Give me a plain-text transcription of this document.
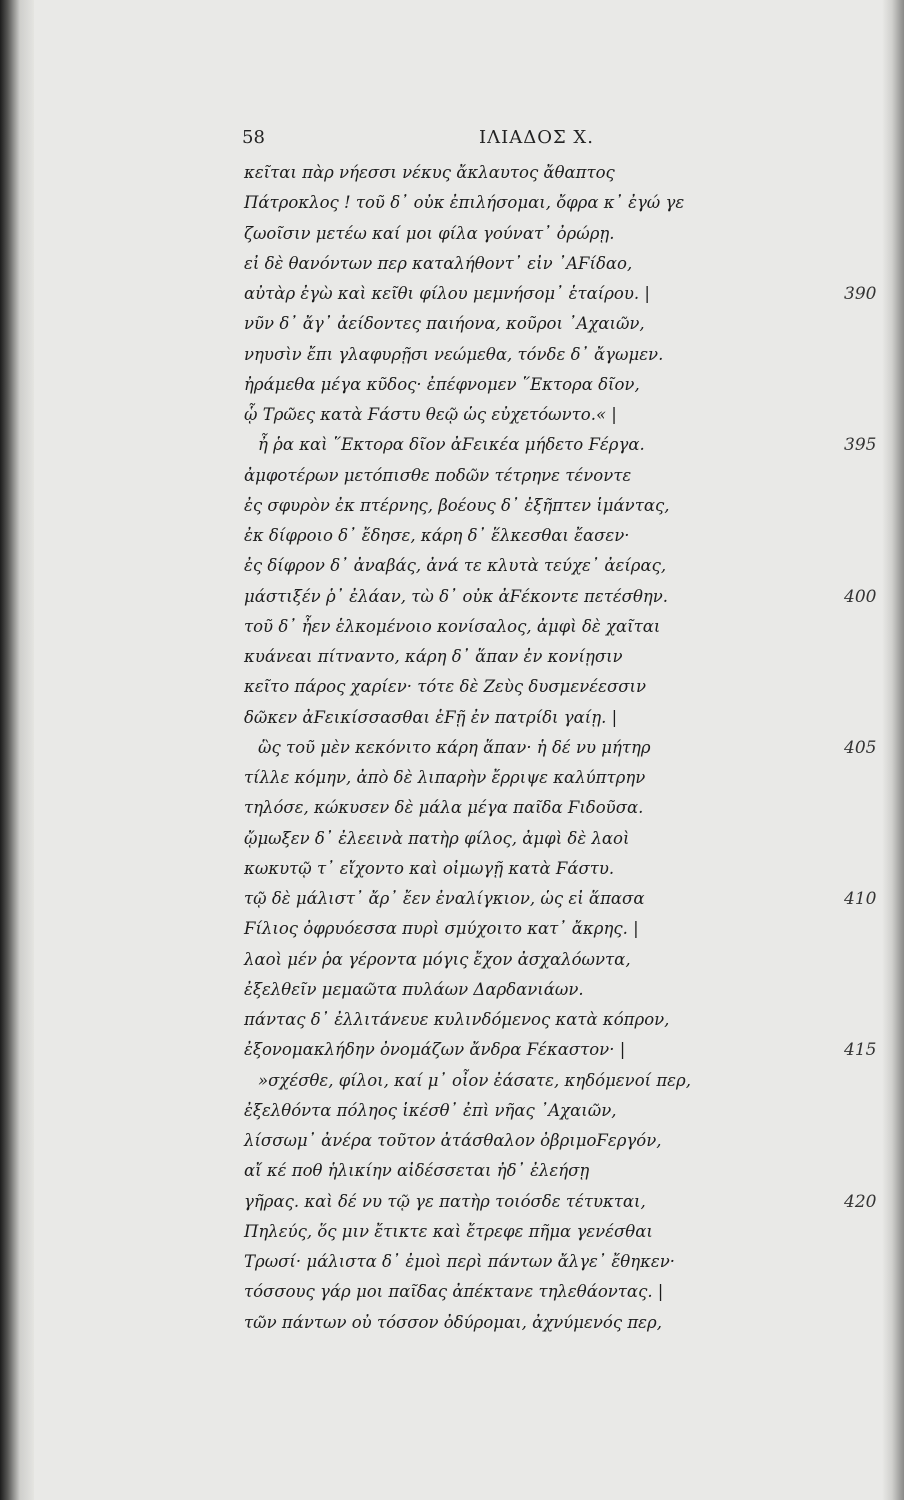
58	ΙΛΙΑΔΟΣ Χ.
κεῖται πὰρ νήεσσι νέκυς ἄκλαυτος ἄθαπτος
Πάτροκλος ! τοῦ δ᾽ οὐκ ἐπιλήσομαι, ὄφρα κ᾽ ἐγώ γε
ζωοῖσιν μετέω καί μοι φίλα γούνατ᾽ ὀρώρῃ.
εἰ δὲ θανόντων περ καταλήθοντ᾽ εἰν ᾽ΑϜίδαο,
αὐτὰρ ἐγὼ καὶ κεῖθι φίλου μεμνήσομ᾽ ἑταίρου. |	390
νῦν δ᾽ ἄγ᾽ ἀείδοντες παιήονα, κοῦροι ᾽Αχαιῶν,
νηυσὶν ἔπι γλαφυρῇσι νεώμεθα, τόνδε δ᾽ ἄγωμεν.
ἠράμεθα μέγα κῦδος· ἐπέφνομεν ῞Εκτορα δῖον,
ᾧ Τρῶες κατὰ Ϝάστυ θεῷ ὡς εὐχετόωντο.« |
ἦ ῥα καὶ ῞Εκτορα δῖον ἀϜεικέα μήδετο Ϝέργα.	395
ἀμφοτέρων μετόπισθε ποδῶν τέτρηνε τένοντε
ἐς σφυρὸν ἐκ πτέρνης, βοέους δ᾽ ἐξῆπτεν ἱμάντας,
ἐκ δίφροιο δ᾽ ἔδησε, κάρη δ᾽ ἕλκεσθαι ἔασεν·
ἐς δίφρον δ᾽ ἀναβάς, ἀνά τε κλυτὰ τεύχε᾽ ἀείρας,
μάστιξέν ῥ᾽ ἐλάαν, τὼ δ᾽ οὐκ ἀϜέκοντε πετέσθην.	400
τοῦ δ᾽ ἦεν ἑλκομένοιο κονίσαλος, ἀμφὶ δὲ χαῖται
κυάνεαι πίτναντο, κάρη δ᾽ ἅπαν ἐν κονίῃσιν
κεῖτο πάρος χαρίεν· τότε δὲ Ζεὺς δυσμενέεσσιν
δῶκεν ἀϜεικίσσασθαι ἑϜῇ ἐν πατρίδι γαίῃ. |
ὣς τοῦ μὲν κεκόνιτο κάρη ἅπαν· ἡ δέ νυ μήτηρ	405
τίλλε κόμην, ἀπὸ δὲ λιπαρὴν ἔρριψε καλύπτρην
τηλόσε, κώκυσεν δὲ μάλα μέγα παῖδα Ϝιδοῦσα.
ᾤμωξεν δ᾽ ἐλεεινὰ πατὴρ φίλος, ἀμφὶ δὲ λαοὶ
κωκυτῷ τ᾽ εἴχοντο καὶ οἰμωγῇ κατὰ Ϝάστυ.
τῷ δὲ μάλιστ᾽ ἄρ᾽ ἔεν ἐναλίγκιον, ὡς εἰ ἅπασα	410
Ϝίλιος ὀφρυόεσσα πυρὶ σμύχοιτο κατ᾽ ἄκρης. |
λαοὶ μέν ῥα γέροντα μόγις ἔχον ἀσχαλόωντα,
ἐξελθεῖν μεμαῶτα πυλάων Δαρδανιάων.
πάντας δ᾽ ἐλλιτάνευε κυλινδόμενος κατὰ κόπρον,
ἐξονομακλήδην ὀνομάζων ἄνδρα Ϝέκαστον· |	415
»σχέσθε, φίλοι, καί μ᾽ οἶον ἐάσατε, κηδόμενοί περ,
ἐξελθόντα πόληος ἱκέσθ᾽ ἐπὶ νῆας ᾽Αχαιῶν,
λίσσωμ᾽ ἀνέρα τοῦτον ἀτάσθαλον ὀβριμοϜεργόν,
αἴ κέ ποθ ἡλικίην αἰδέσσεται ἠδ᾽ ἐλεήσῃ
γῆρας. καὶ δέ νυ τῷ γε πατὴρ τοιόσδε τέτυκται,	420
Πηλεύς, ὅς μιν ἔτικτε καὶ ἔτρεφε πῆμα γενέσθαι
Τρωσί· μάλιστα δ᾽ ἐμοὶ περὶ πάντων ἄλγε᾽ ἔθηκεν·
τόσσους γάρ μοι παῖδας ἀπέκτανε τηλεθάοντας. |
τῶν πάντων οὐ τόσσον ὀδύρομαι, ἀχνύμενός περ,
